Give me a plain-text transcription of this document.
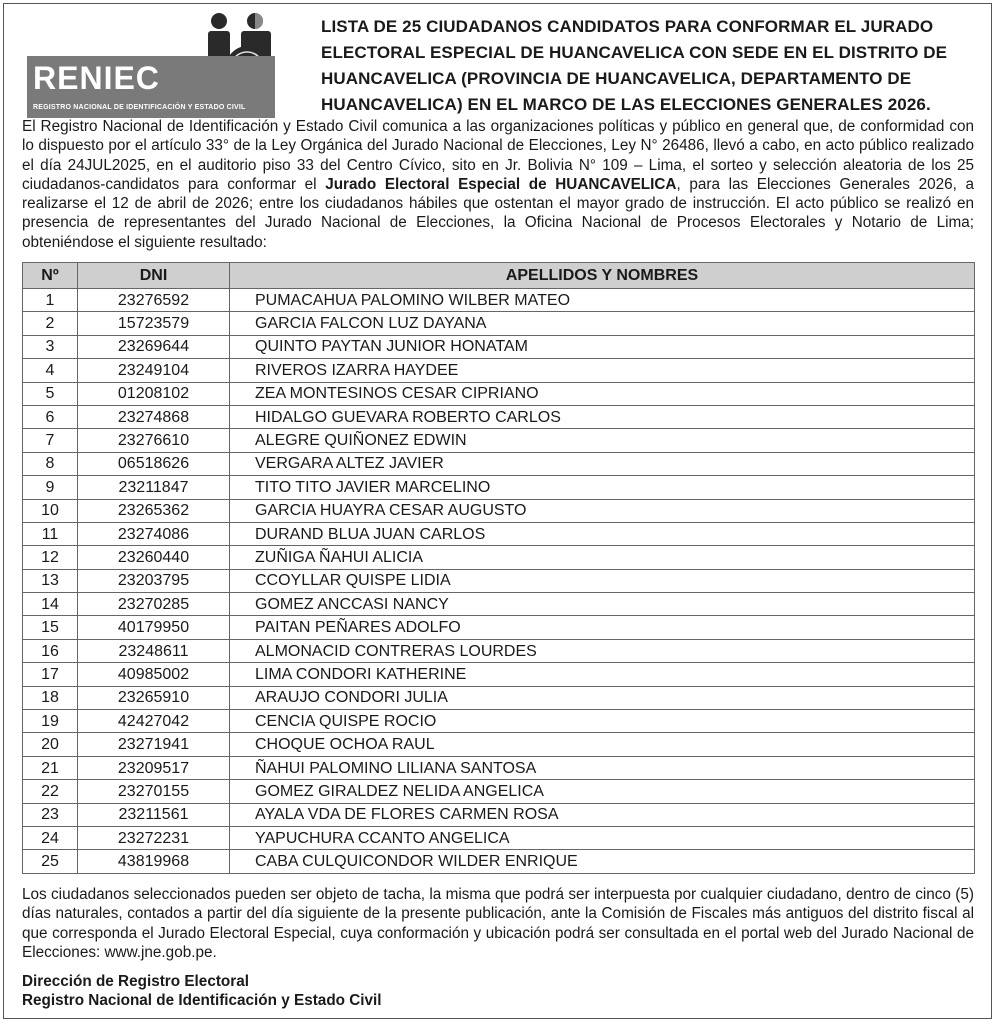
RENIEC
REGISTRO NACIONAL DE IDENTIFICACIÓN Y ESTADO CIVIL
LISTA DE 25 CIUDADANOS CANDIDATOS PARA CONFORMAR EL JURADO ELECTORAL ESPECIAL DE HUANCAVELICA CON SEDE EN EL DISTRITO DE HUANCAVELICA (PROVINCIA DE HUANCAVELICA, DEPARTAMENTO DE HUANCAVELICA) EN EL MARCO DE LAS ELECCIONES GENERALES 2026.
El Registro Nacional de Identificación y Estado Civil comunica a las organizaciones políticas y público en general que, de conformidad con lo dispuesto por el artículo 33° de la Ley Orgánica del Jurado Nacional de Elecciones, Ley N° 26486, llevó a cabo, en acto público realizado el día 24JUL2025, en el auditorio piso 33 del Centro Cívico, sito en Jr. Bolivia N° 109 – Lima, el sorteo y selección aleatoria de los 25 ciudadanos-candidatos para conformar el Jurado Electoral Especial de HUANCAVELICA, para las Elecciones Generales 2026, a realizarse el 12 de abril de 2026; entre los ciudadanos hábiles que ostentan el mayor grado de instrucción. El acto público se realizó en presencia de representantes del Jurado Nacional de Elecciones, la Oficina Nacional de Procesos Electorales y Notario de Lima; obteniéndose el siguiente resultado:
Nº	DNI	APELLIDOS Y NOMBRES
1	23276592	PUMACAHUA PALOMINO WILBER MATEO
2	15723579	GARCIA FALCON LUZ DAYANA
3	23269644	QUINTO PAYTAN JUNIOR HONATAM
4	23249104	RIVEROS IZARRA HAYDEE
5	01208102	ZEA MONTESINOS CESAR CIPRIANO
6	23274868	HIDALGO GUEVARA ROBERTO CARLOS
7	23276610	ALEGRE QUIÑONEZ EDWIN
8	06518626	VERGARA ALTEZ JAVIER
9	23211847	TITO TITO JAVIER MARCELINO
10	23265362	GARCIA HUAYRA CESAR AUGUSTO
11	23274086	DURAND BLUA JUAN CARLOS
12	23260440	ZUÑIGA ÑAHUI ALICIA
13	23203795	CCOYLLAR QUISPE LIDIA
14	23270285	GOMEZ ANCCASI NANCY
15	40179950	PAITAN PEÑARES ADOLFO
16	23248611	ALMONACID CONTRERAS LOURDES
17	40985002	LIMA CONDORI KATHERINE
18	23265910	ARAUJO CONDORI JULIA
19	42427042	CENCIA QUISPE ROCIO
20	23271941	CHOQUE OCHOA RAUL
21	23209517	ÑAHUI PALOMINO LILIANA SANTOSA
22	23270155	GOMEZ GIRALDEZ NELIDA ANGELICA
23	23211561	AYALA VDA DE FLORES CARMEN ROSA
24	23272231	YAPUCHURA CCANTO ANGELICA
25	43819968	CABA CULQUICONDOR WILDER ENRIQUE
Los ciudadanos seleccionados pueden ser objeto de tacha, la misma que podrá ser interpuesta por cualquier ciudadano, dentro de cinco (5) días naturales, contados a partir del día siguiente de la presente publicación, ante la Comisión de Fiscales más antiguos del distrito fiscal al que corresponda el Jurado Electoral Especial, cuya conformación y ubicación podrá ser consultada en el portal web del Jurado Nacional de Elecciones: www.jne.gob.pe.
Dirección de Registro Electoral
Registro Nacional de Identificación y Estado Civil
